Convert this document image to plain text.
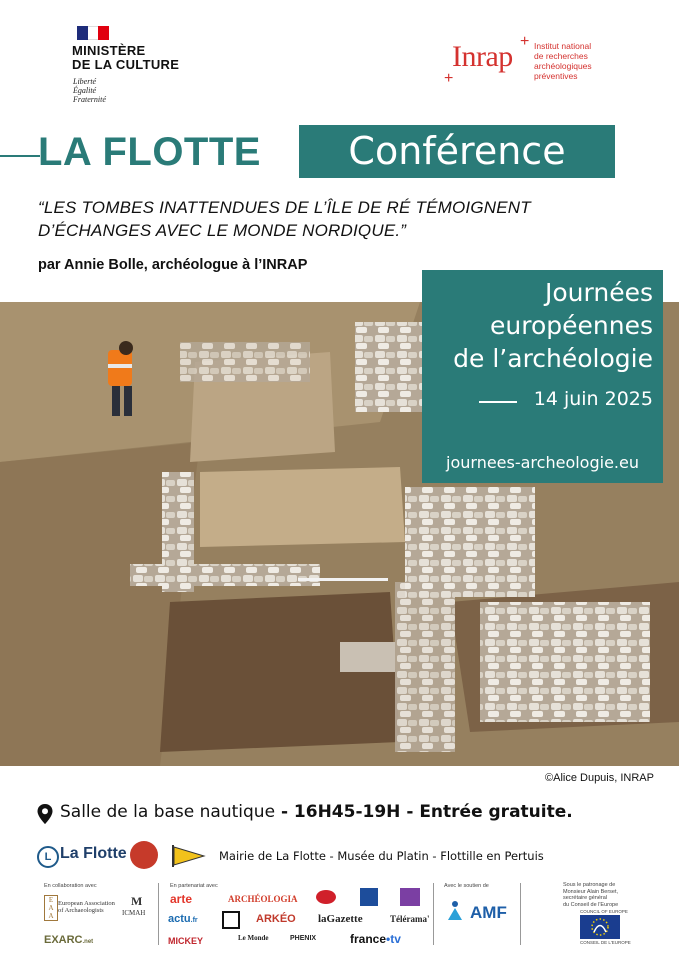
MINISTÈRE
DE LA CULTURE
Liberté
Égalité
Fraternité
+
+
Inrap Institut national
de recherches
archéologiques
préventives
LA FLOTTE	Conférence
“LES TOMBES INATTENDUES DE L’ÎLE DE RÉ TÉMOIGNENT
D’ÉCHANGES AVEC LE MONDE NORDIQUE.”
par Annie Bolle, archéologue à l’INRAP
Journées
européennes
de l’archéologie
14 juin 2025
journees-archeologie.eu
©Alice Dupuis, INRAP
Salle de la base nautique - 16H45-19H - Entrée gratuite.
L La Flotte	Mairie de La Flotte - Musée du Platin - Flottille en Pertuis
En collaboration avec
E
A
A
European Association
of Archaeologists
M
ICMAH
EXARC.net
En partenariat avec
arte	ARCHÉOLOGIA
actu.fr	ARKÉO laGazette	Télérama'
MICKEY	Le Monde	PHENIX	france•tv
Avec le soutien de
AMF
Sous le patronage de
Monsieur Alain Berset,
secrétaire général
du Conseil de l'Europe
COUNCIL OF EUROPE
CONSEIL DE L'EUROPE
